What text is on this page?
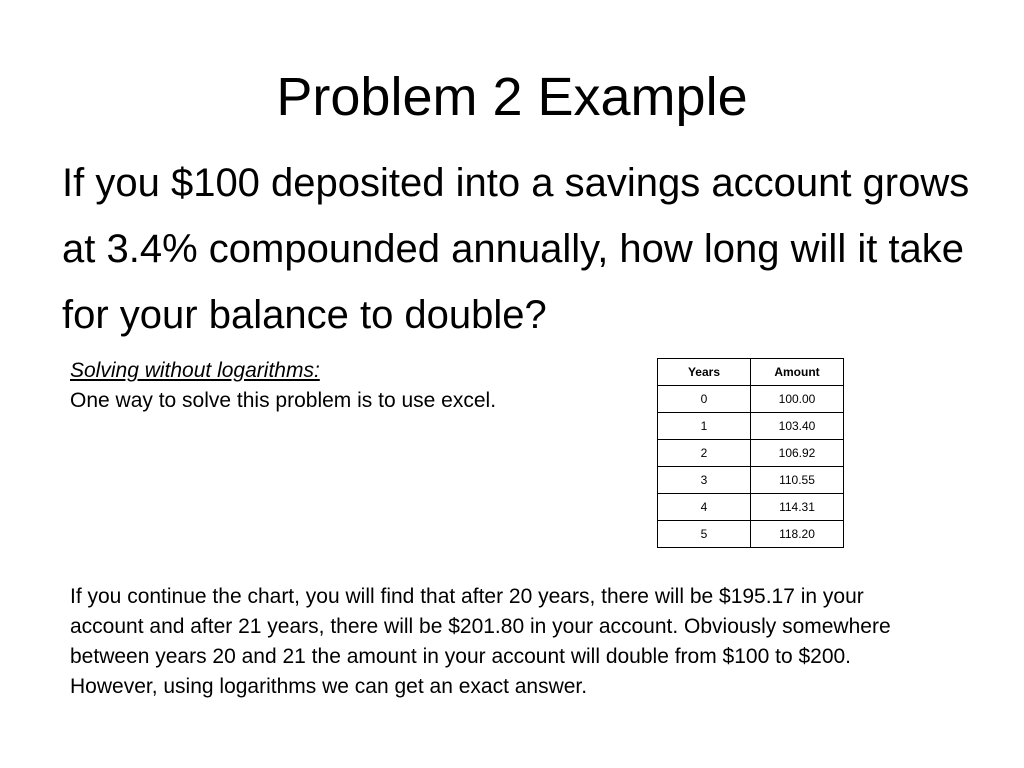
Problem 2 Example

If you $100 deposited into a savings account grows at 3.4% compounded annually, how long will it take for your balance to double?

Solving without logarithms:
One way to solve this problem is to use excel.
Years	Amount
0	100.00
1	103.40
2	106.92
3	110.55
4	114.31
5	118.20

If you continue the chart, you will find that after 20 years, there will be $195.17 in your account and after 21 years, there will be $201.80 in your account. Obviously somewhere between years 20 and 21 the amount in your account will double from $100 to $200. However, using logarithms we can get an exact answer.
